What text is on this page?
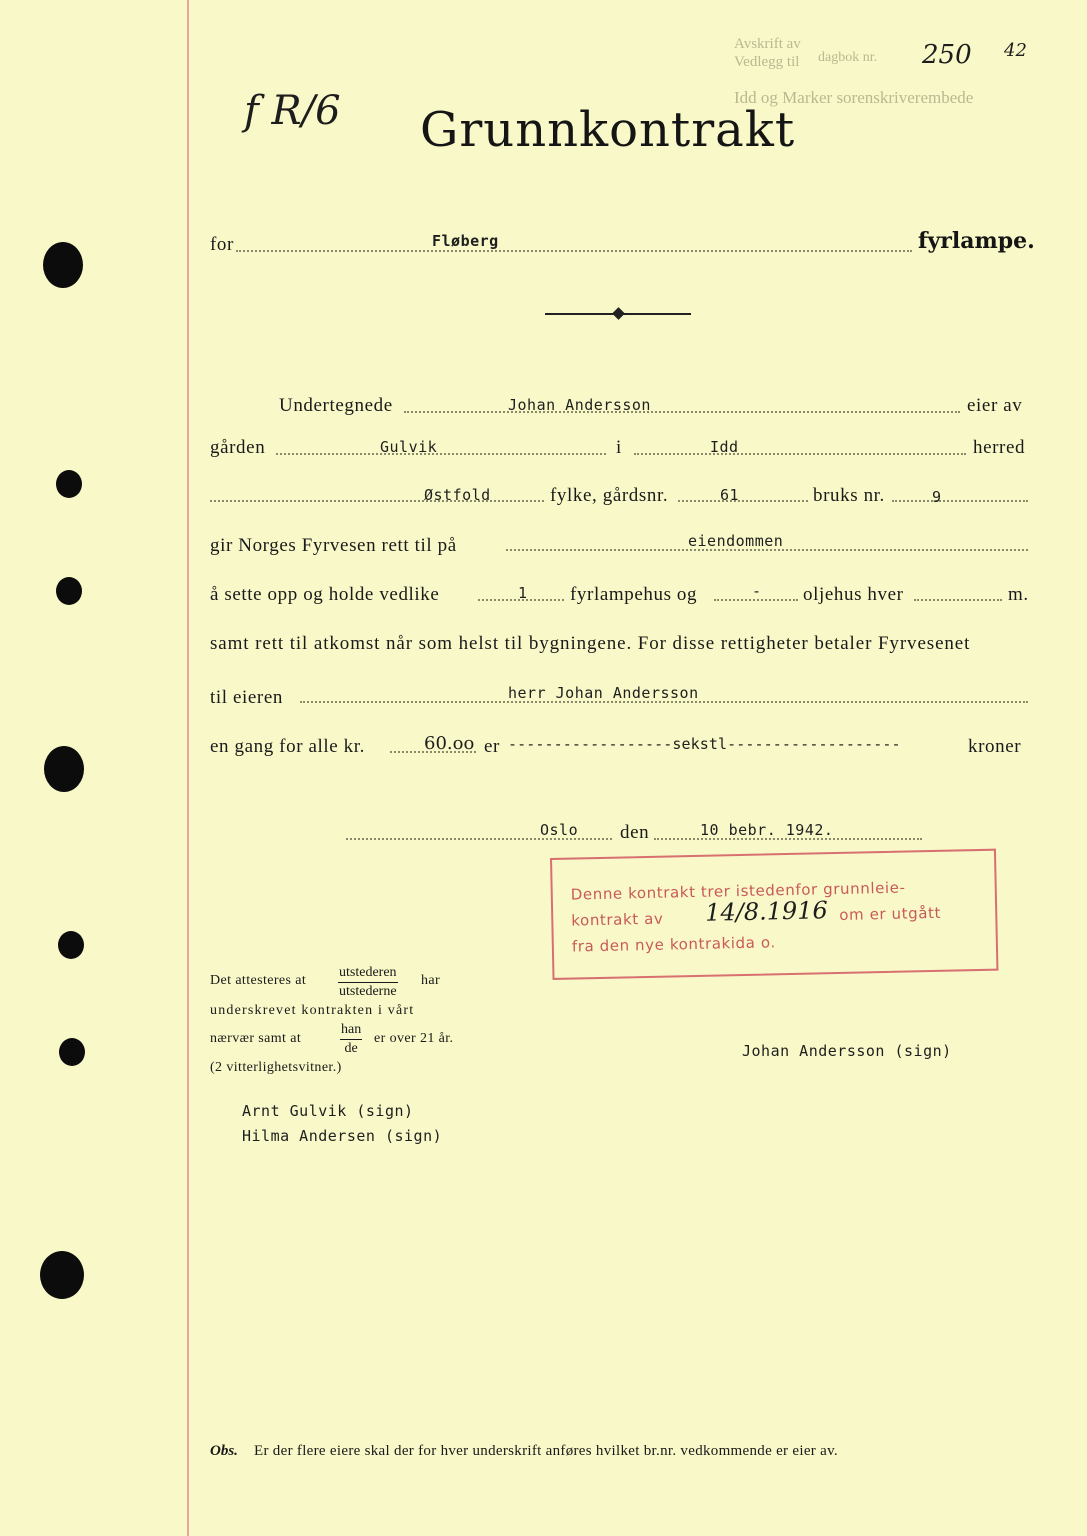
Avskrift av
Vedlegg til dagbok nr. 250 42
Idd og Marker sorenskriverembede
f R/6 Grunnkontrakt
for	Fløberg	fyrlampe.
Undertegnede	Johan Andersson	eier av
gården	Gulvik	i	Idd	herred
Østfold	fylke, gårdsnr.	61	bruks nr.	9
gir Norges Fyrvesen rett til på	eiendommen
å sette opp og holde vedlike	1 fyrlampehus og	- oljehus hver	m.
samt rett til atkomst når som helst til bygningene. For disse rettigheter betaler Fyrvesenet
til eieren	herr Johan Andersson
en gang for alle kr.	60.oo er ------------------sekstl-------------------	kroner
Oslo den	10 bebr. 1942.
Denne kontrakt trer istedenfor grunnleie-
kontrakt av 14/8.1916 om er utgått
fra den nye kontrakida o.
Det attesteres at
utstederen
utstederne
har
underskrevet kontrakten i vårt
nærvær samt at
han
de
er over 21 år.
(2 vitterlighetsvitner.)
Arnt Gulvik (sign)
Hilma Andersen (sign)
Johan Andersson (sign)
Obs. Er der flere eiere skal der for hver underskrift anføres hvilket br.nr. vedkommende er eier av.
